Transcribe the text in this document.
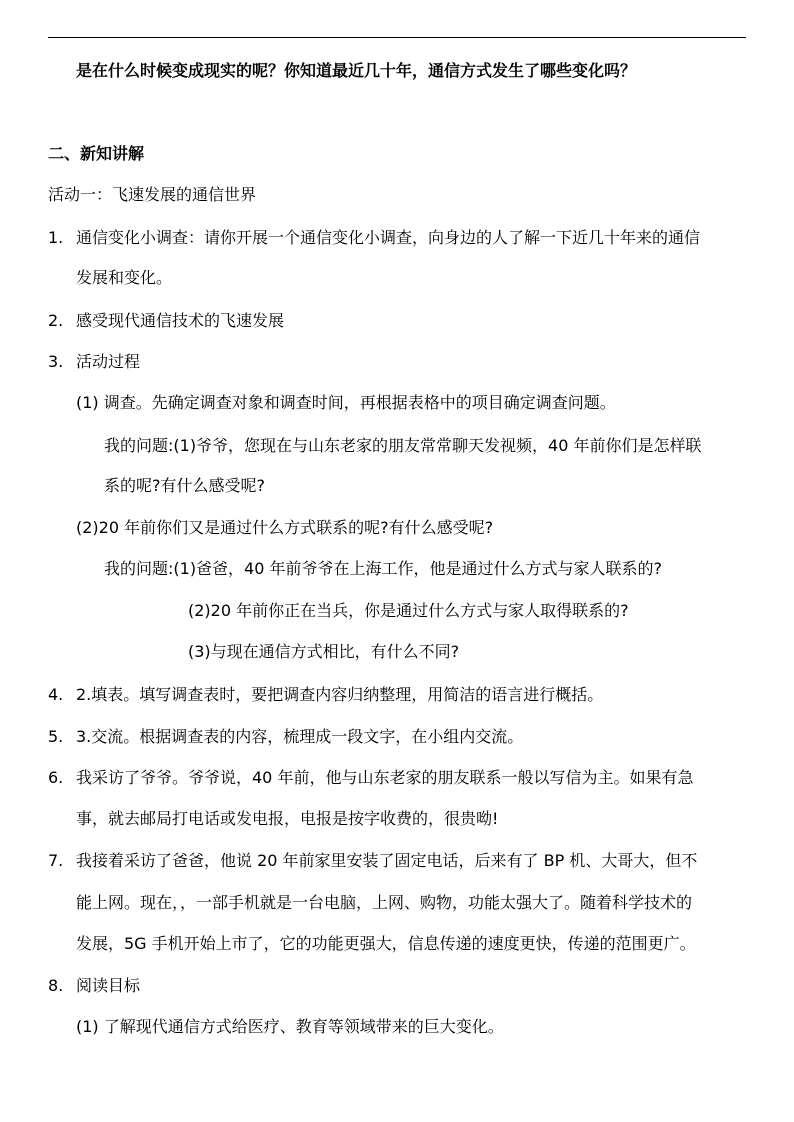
是在什么时候变成现实的呢？你知道最近几十年，通信方式发生了哪些变化吗？
二、新知讲解
活动一：飞速发展的通信世界
1. 通信变化小调查：请你开展一个通信变化小调查，向身边的人了解一下近几十年来的通信
发展和变化。
2. 感受现代通信技术的飞速发展
3. 活动过程
(1) 调查。先确定调查对象和调查时间，再根据表格中的项目确定调查问题。
我的问题:(1)爷爷，您现在与山东老家的朋友常常聊天发视频，40 年前你们是怎样联
系的呢?有什么感受呢?
(2)20 年前你们又是通过什么方式联系的呢?有什么感受呢?
我的问题:(1)爸爸，40 年前爷爷在上海工作，他是通过什么方式与家人联系的?
(2)20 年前你正在当兵，你是通过什么方式与家人取得联系的?
(3)与现在通信方式相比，有什么不同?
4. 2.填表。填写调查表时，要把调查内容归纳整理，用简洁的语言进行概括。
5. 3.交流。根据调查表的内容，梳理成一段文字，在小组内交流。
6. 我采访了爷爷。爷爷说，40 年前，他与山东老家的朋友联系一般以写信为主。如果有急
事，就去邮局打电话或发电报，电报是按字收费的，很贵呦!
7. 我接着采访了爸爸，他说 20 年前家里安装了固定电话，后来有了 BP 机、大哥大，但不
能上网。现在，，一部手机就是一台电脑，上网、购物，功能太强大了。随着科学技术的
发展，5G 手机开始上市了，它的功能更强大，信息传递的速度更快，传递的范围更广。
8. 阅读目标
(1) 了解现代通信方式给医疗、教育等领域带来的巨大变化。
